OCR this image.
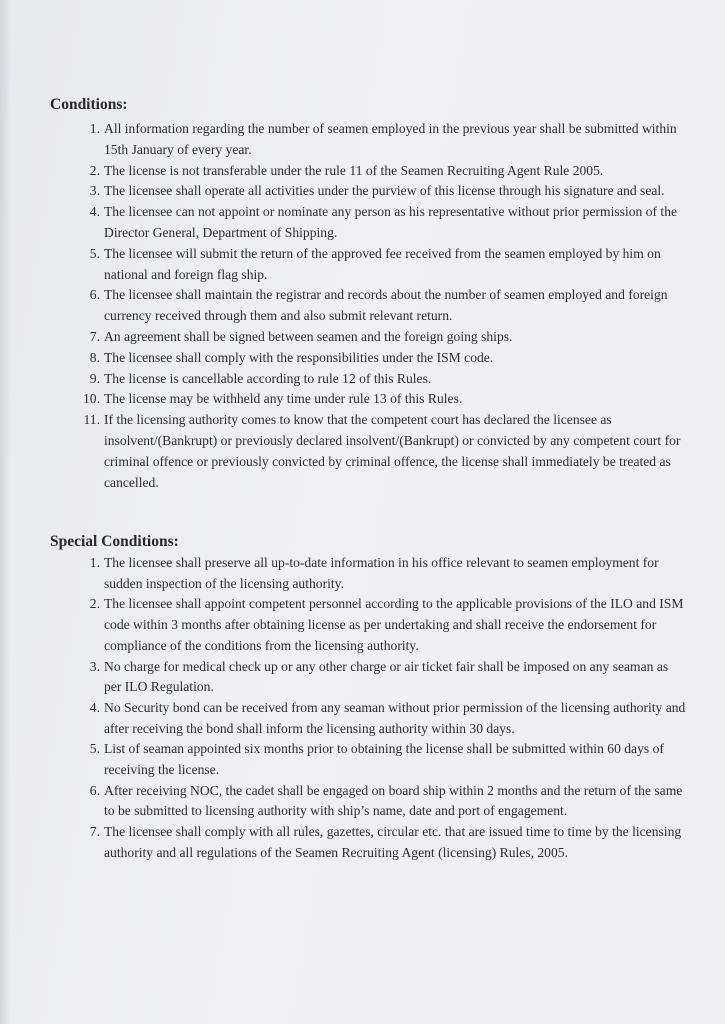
Conditions:
1. All information regarding the number of seamen employed in the previous year shall be submitted within 15th January of every year.
2. The license is not transferable under the rule 11 of the Seamen Recruiting Agent Rule 2005.
3. The licensee shall operate all activities under the purview of this license through his signature and seal.
4. The licensee can not appoint or nominate any person as his representative without prior permission of the Director General, Department of Shipping.
5. The licensee will submit the return of the approved fee received from the seamen employed by him on national and foreign flag ship.
6. The licensee shall maintain the registrar and records about the number of seamen employed and foreign currency received through them and also submit relevant return.
7. An agreement shall be signed between seamen and the foreign going ships.
8. The licensee shall comply with the responsibilities under the ISM code.
9. The license is cancellable according to rule 12 of this Rules.
10. The license may be withheld any time under rule 13 of this Rules.
11. If the licensing authority comes to know that the competent court has declared the licensee as insolvent/(Bankrupt) or previously declared insolvent/(Bankrupt) or convicted by any competent court for criminal offence or previously convicted by criminal offence, the license shall immediately be treated as cancelled.
Special Conditions:
1. The licensee shall preserve all up-to-date information in his office relevant to seamen employment for sudden inspection of the licensing authority.
2. The licensee shall appoint competent personnel according to the applicable provisions of the ILO and ISM code within 3 months after obtaining license as per undertaking and shall receive the endorsement for compliance of the conditions from the licensing authority.
3. No charge for medical check up or any other charge or air ticket fair shall be imposed on any seaman as per ILO Regulation.
4. No Security bond can be received from any seaman without prior permission of the licensing authority and after receiving the bond shall inform the licensing authority within 30 days.
5. List of seaman appointed six months prior to obtaining the license shall be submitted within 60 days of receiving the license.
6. After receiving NOC, the cadet shall be engaged on board ship within 2 months and the return of the same to be submitted to licensing authority with ship’s name, date and port of engagement.
7. The licensee shall comply with all rules, gazettes, circular etc. that are issued time to time by the licensing authority and all regulations of the Seamen Recruiting Agent (licensing) Rules, 2005.
